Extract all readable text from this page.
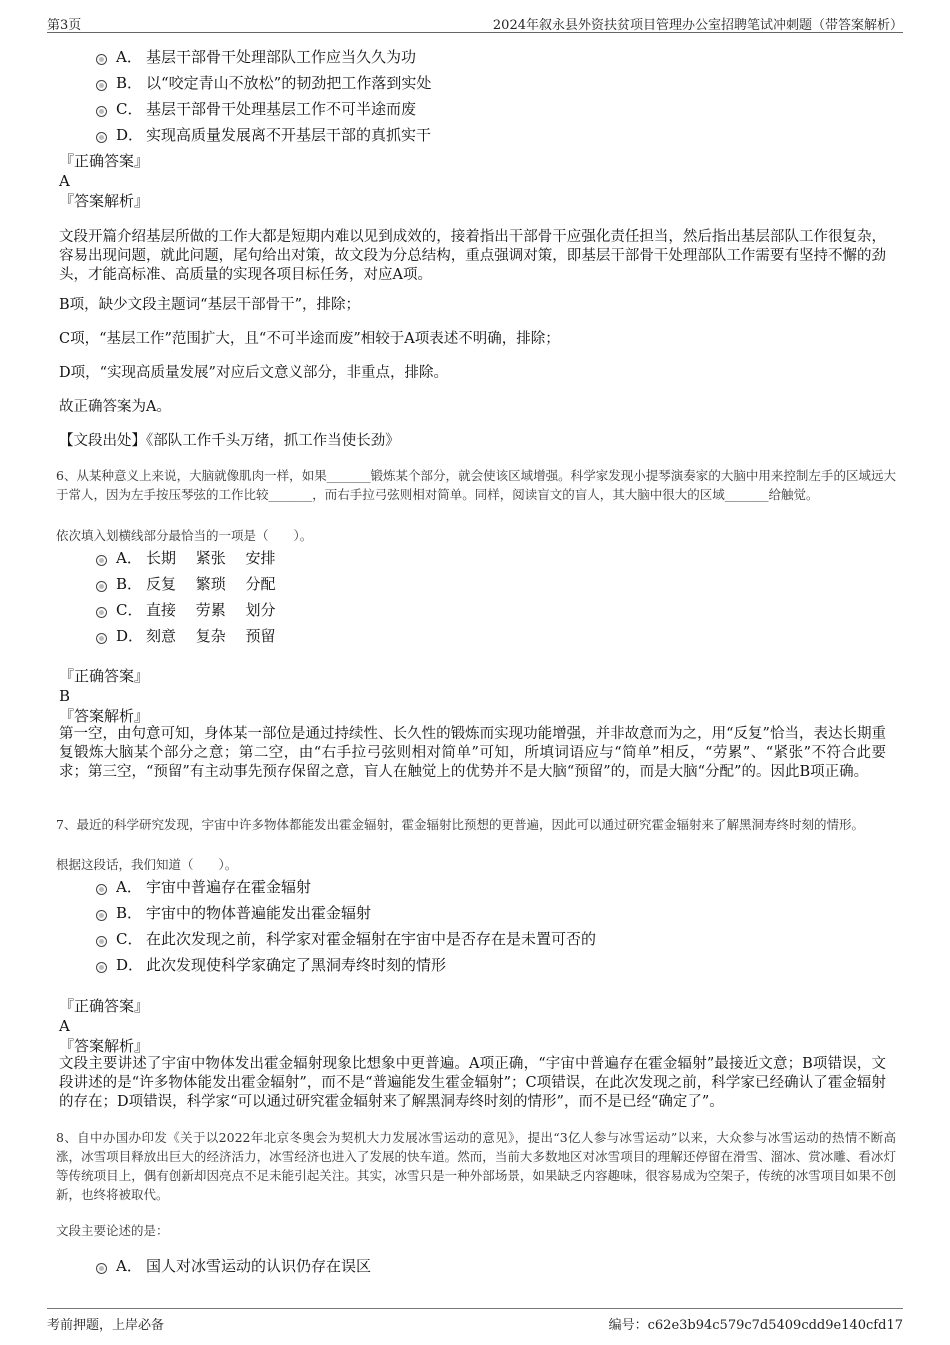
第3页	2024年叙永县外资扶贫项目管理办公室招聘笔试冲刺题（带答案解析）
A． 基层干部骨干处理部队工作应当久久为功
B． 以“咬定青山不放松”的韧劲把工作落到实处
C． 基层干部骨干处理基层工作不可半途而废
D． 实现高质量发展离不开基层干部的真抓实干
『正确答案』
A
『答案解析』
文段开篇介绍基层所做的工作大都是短期内难以见到成效的，接着指出干部骨干应强化责任担当，然后指出基层部队工作很复杂，容易出现问题，就此问题，尾句给出对策，故文段为分总结构，重点强调对策，即基层干部骨干处理部队工作需要有坚持不懈的劲头，才能高标准、高质量的实现各项目标任务，对应A项。
B项，缺少文段主题词“基层干部骨干”，排除；
C项，“基层工作”范围扩大，且“不可半途而废”相较于A项表述不明确，排除；
D项，“实现高质量发展”对应后文意义部分，非重点，排除。
故正确答案为A。
【文段出处】《部队工作千头万绪，抓工作当使长劲》
6、从某种意义上来说，大脑就像肌肉一样，如果_______锻炼某个部分，就会使该区域增强。科学家发现小提琴演奏家的大脑中用来控制左手的区域远大于常人，因为左手按压琴弦的工作比较_______，而右手拉弓弦则相对简单。同样，阅读盲文的盲人，其大脑中很大的区域_______给触觉。
依次填入划横线部分最恰当的一项是（　　）。
A． 长期　 紧张　 安排
B． 反复　 繁琐　 分配
C． 直接　 劳累　 划分
D． 刻意　 复杂　 预留
『正确答案』
B
『答案解析』
第一空，由句意可知，身体某一部位是通过持续性、长久性的锻炼而实现功能增强，并非故意而为之，用“反复”恰当，表达长期重复锻炼大脑某个部分之意；第二空，由“右手拉弓弦则相对简单”可知，所填词语应与“简单”相反，“劳累”、“紧张”不符合此要求；第三空，“预留”有主动事先预存保留之意，盲人在触觉上的优势并不是大脑“预留”的，而是大脑“分配”的。因此B项正确。
7、最近的科学研究发现，宇宙中许多物体都能发出霍金辐射，霍金辐射比预想的更普遍，因此可以通过研究霍金辐射来了解黑洞寿终时刻的情形。
根据这段话，我们知道（　　）。
A． 宇宙中普遍存在霍金辐射
B． 宇宙中的物体普遍能发出霍金辐射
C． 在此次发现之前，科学家对霍金辐射在宇宙中是否存在是未置可否的
D． 此次发现使科学家确定了黑洞寿终时刻的情形
『正确答案』
A
『答案解析』
文段主要讲述了宇宙中物体发出霍金辐射现象比想象中更普遍。A项正确，“宇宙中普遍存在霍金辐射”最接近文意；B项错误，文段讲述的是“许多物体能发出霍金辐射”，而不是“普遍能发生霍金辐射”；C项错误，在此次发现之前，科学家已经确认了霍金辐射的存在；D项错误，科学家“可以通过研究霍金辐射来了解黑洞寿终时刻的情形”，而不是已经“确定了”。
8、自中办国办印发《关于以2022年北京冬奥会为契机大力发展冰雪运动的意见》，提出“3亿人参与冰雪运动”以来，大众参与冰雪运动的热情不断高涨，冰雪项目释放出巨大的经济活力，冰雪经济也进入了发展的快车道。然而，当前大多数地区对冰雪项目的理解还停留在滑雪、溜冰、赏冰雕、看冰灯等传统项目上，偶有创新却因亮点不足未能引起关注。其实，冰雪只是一种外部场景，如果缺乏内容趣味，很容易成为空架子，传统的冰雪项目如果不创新，也终将被取代。
文段主要论述的是：
A． 国人对冰雪运动的认识仍存在误区
考前押题，上岸必备	编号：c62e3b94c579c7d5409cdd9e140cfd17
